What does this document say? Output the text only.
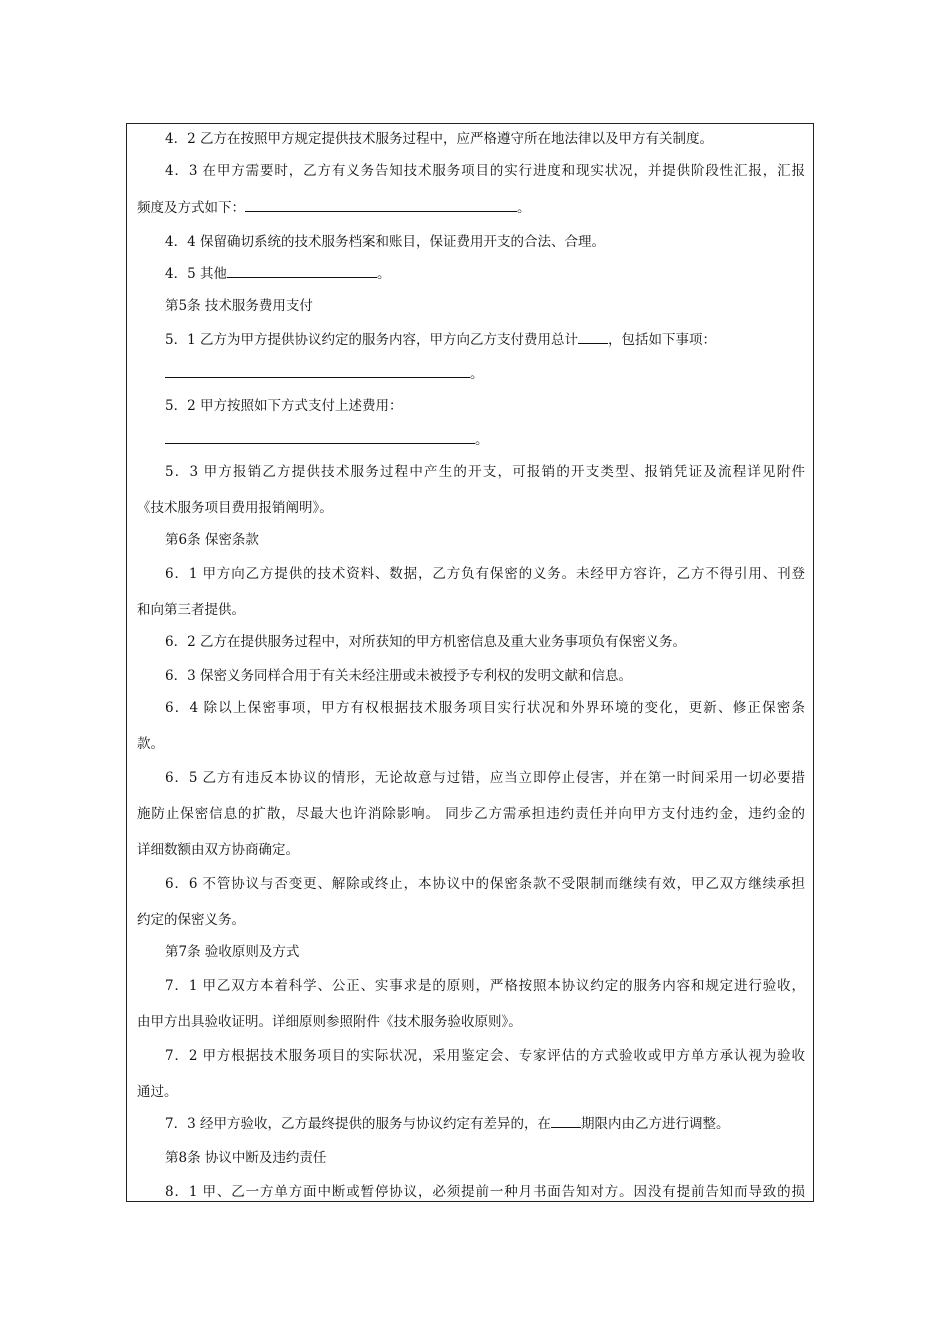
4．2 乙方在按照甲方规定提供技术服务过程中，应严格遵守所在地法律以及甲方有关制度。
4．3 在甲方需要时，乙方有义务告知技术服务项目的实行进度和现实状况，并提供阶段性汇报，汇报
频度及方式如下：	。
4．4 保留确切系统的技术服务档案和账目，保证费用开支的合法、合理。
4．5 其他	。
第5条 技术服务费用支付
5．1 乙方为甲方提供协议约定的服务内容，甲方向乙方支付费用总计 ，包括如下事项：
。
5．2 甲方按照如下方式支付上述费用：
。
5．3 甲方报销乙方提供技术服务过程中产生的开支，可报销的开支类型、报销凭证及流程详见附件
《技术服务项目费用报销阐明》。
第6条 保密条款
6．1 甲方向乙方提供的技术资料、数据，乙方负有保密的义务。未经甲方容许，乙方不得引用、刊登
和向第三者提供。
6．2 乙方在提供服务过程中，对所获知的甲方机密信息及重大业务事项负有保密义务。
6．3 保密义务同样合用于有关未经注册或未被授予专利权的发明文献和信息。
6．4 除以上保密事项，甲方有权根据技术服务项目实行状况和外界环境的变化，更新、修正保密条
款。
6．5 乙方有违反本协议的情形，无论故意与过错，应当立即停止侵害，并在第一时间采用一切必要措
施防止保密信息的扩散，尽最大也许消除影响。 同步乙方需承担违约责任并向甲方支付违约金，违约金的
详细数额由双方协商确定。
6．6 不管协议与否变更、解除或终止，本协议中的保密条款不受限制而继续有效，甲乙双方继续承担
约定的保密义务。
第7条 验收原则及方式
7．1 甲乙双方本着科学、公正、实事求是的原则，严格按照本协议约定的服务内容和规定进行验收，
由甲方出具验收证明。详细原则参照附件《技术服务验收原则》。
7．2 甲方根据技术服务项目的实际状况，采用鉴定会、专家评估的方式验收或甲方单方承认视为验收
通过。
7．3 经甲方验收，乙方最终提供的服务与协议约定有差异的，在 期限内由乙方进行调整。
第8条 协议中断及违约责任
8．1 甲、乙一方单方面中断或暂停协议，必须提前一种月书面告知对方。因没有提前告知而导致的损
